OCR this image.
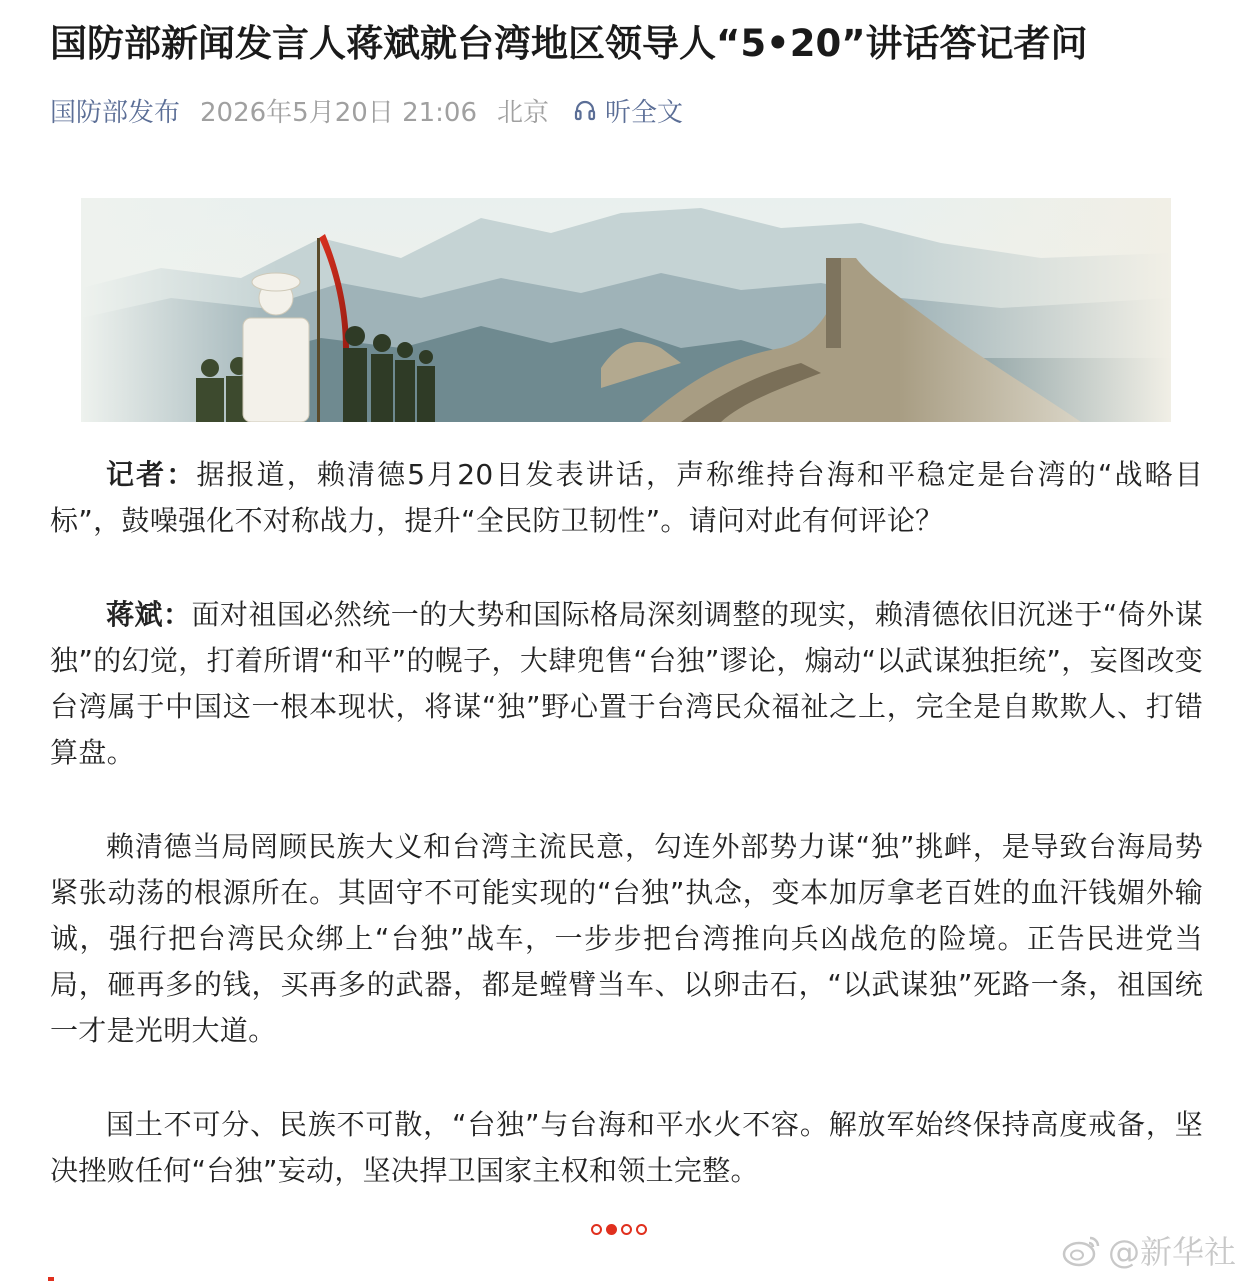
国防部新闻发言人蒋斌就台湾地区领导人“5•20”讲话答记者问
国防部发布 2026年5月20日 21:06 北京 听全文

记者：据报道，赖清德5月20日发表讲话，声称维持台海和平稳定是台湾的“战略目标”，鼓噪强化不对称战力，提升“全民防卫韧性”。请问对此有何评论？

蒋斌：面对祖国必然统一的大势和国际格局深刻调整的现实，赖清德依旧沉迷于“倚外谋独”的幻觉，打着所谓“和平”的幌子，大肆兜售“台独”谬论，煽动“以武谋独拒统”，妄图改变台湾属于中国这一根本现状，将谋“独”野心置于台湾民众福祉之上，完全是自欺欺人、打错算盘。

赖清德当局罔顾民族大义和台湾主流民意，勾连外部势力谋“独”挑衅，是导致台海局势紧张动荡的根源所在。其固守不可能实现的“台独”执念，变本加厉拿老百姓的血汗钱媚外输诚，强行把台湾民众绑上“台独”战车，一步步把台湾推向兵凶战危的险境。正告民进党当局，砸再多的钱，买再多的武器，都是螳臂当车、以卵击石，“以武谋独”死路一条，祖国统一才是光明大道。

国土不可分、民族不可散，“台独”与台海和平水火不容。解放军始终保持高度戒备，坚决挫败任何“台独”妄动，坚决捍卫国家主权和领土完整。

@新华社
